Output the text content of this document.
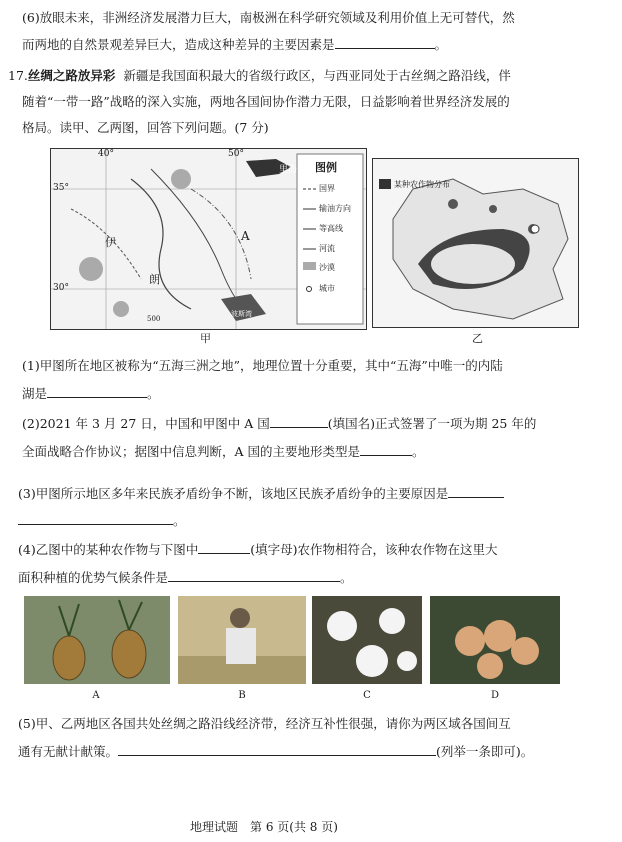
(6)放眼未来，非洲经济发展潜力巨大，南极洲在科学研究领域及利用价值上无可替代，然
而两地的自然景观差异巨大，造成这种差异的主要因素是	。
17.丝绸之路放异彩 新疆是我国面积最大的省级行政区，与西亚同处于古丝绸之路沿线，伴
随着“一带一路”战略的深入实施，两地各国间协作潜力无限，日益影响着世界经济发展的
格局。读甲、乙两图，回答下列问题。(7 分)
40°	50°
35°
30°
里海
伊
朗
A
波斯湾
500
图例
国界
输油方向
等高线
河流
沙漠
城市
甲
某种农作物分布
乙
(1)甲图所在地区被称为“五海三洲之地”，地理位置十分重要，其中“五海”中唯一的内陆
湖是	。
(2)2021 年 3 月 27 日，中国和甲图中 A 国	(填国名)正式签署了一项为期 25 年的
全面战略合作协议；据图中信息判断，A 国的主要地形类型是	。
(3)甲图所示地区多年来民族矛盾纷争不断，该地区民族矛盾纷争的主要原因是
。
(4)乙图中的某种农作物与下图中	(填字母)农作物相符合，该种农作物在这里大
面积种植的优势气候条件是	。
A	B	C	D
(5)甲、乙两地区各国共处丝绸之路沿线经济带，经济互补性很强，请你为两区域各国间互
通有无献计献策。	(列举一条即可)。
地理试题　第 6 页(共 8 页)
